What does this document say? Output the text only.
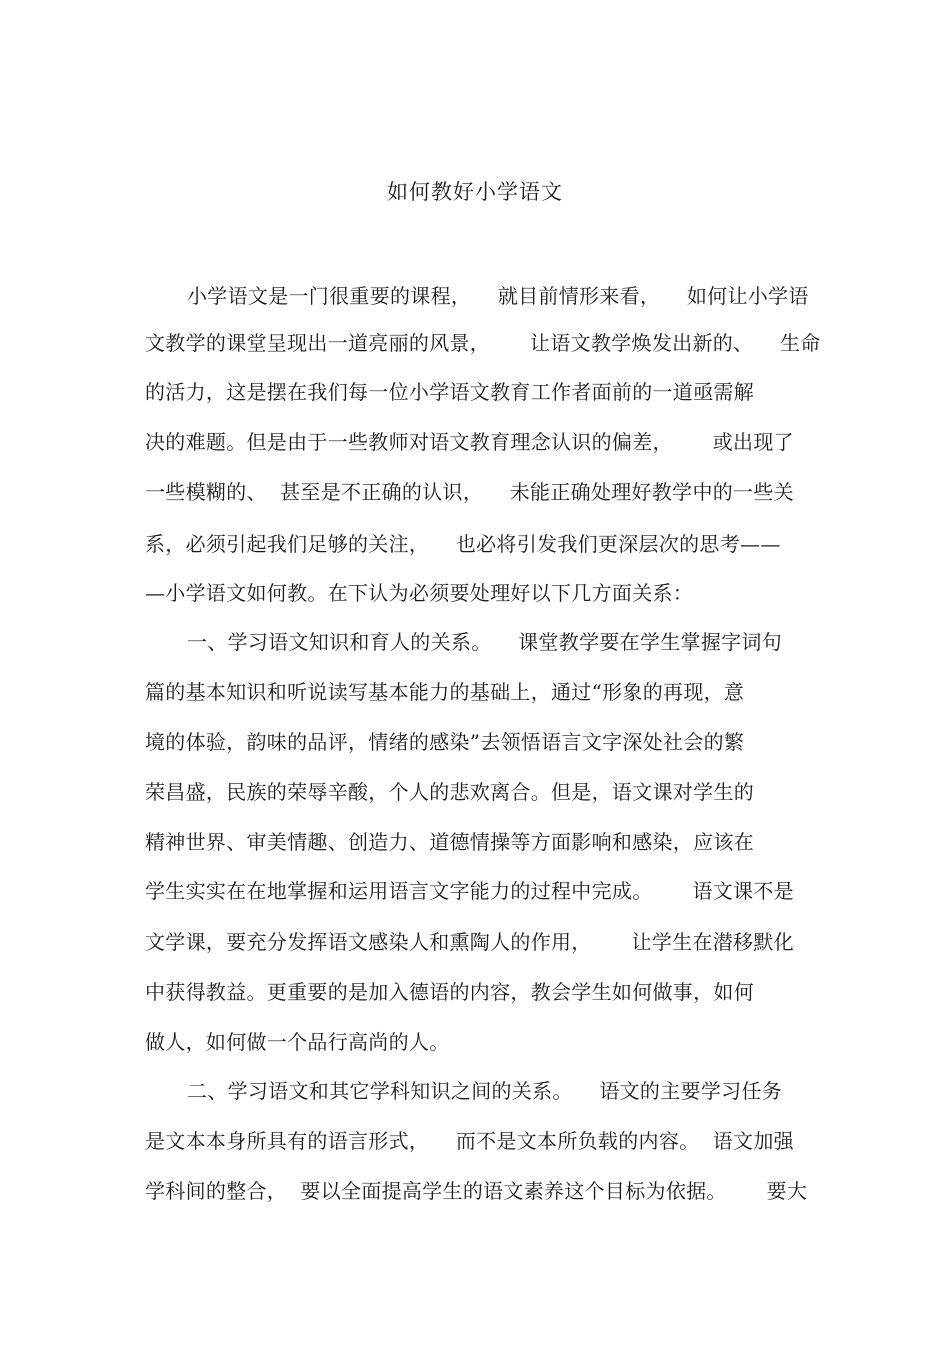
如何教好小学语文
小学语文是一门很重要的课程，    就目前情形来看，    如何让小学语
文教学的课堂呈现出一道亮丽的风景，      让语文教学焕发出新的、    生命
的活力，这是摆在我们每一位小学语文教育工作者面前的一道亟需解
决的难题。但是由于一些教师对语文教育理念认识的偏差，      或出现了
一些模糊的、  甚至是不正确的认识，    未能正确处理好教学中的一些关
系，必须引起我们足够的关注，    也必将引发我们更深层次的思考——
—小学语文如何教。在下认为必须要处理好以下几方面关系：
一、学习语文知识和育人的关系。    课堂教学要在学生掌握字词句
篇的基本知识和听说读写基本能力的基础上，通过“形象的再现，意
境的体验，韵味的品评，情绪的感染”去领悟语言文字深处社会的繁
荣昌盛，民族的荣辱辛酸，个人的悲欢离合。但是，语文课对学生的
精神世界、审美情趣、创造力、道德情操等方面影响和感染，应该在
学生实实在在地掌握和运用语言文字能力的过程中完成。      语文课不是
文学课，要充分发挥语文感染人和熏陶人的作用，      让学生在潜移默化
中获得教益。更重要的是加入德语的内容，教会学生如何做事，如何
做人，如何做一个品行高尚的人。
二、学习语文和其它学科知识之间的关系。    语文的主要学习任务
是文本本身所具有的语言形式，    而不是文本所负载的内容。  语文加强
学科间的整合，  要以全面提高学生的语文素养这个目标为依据。      要大
